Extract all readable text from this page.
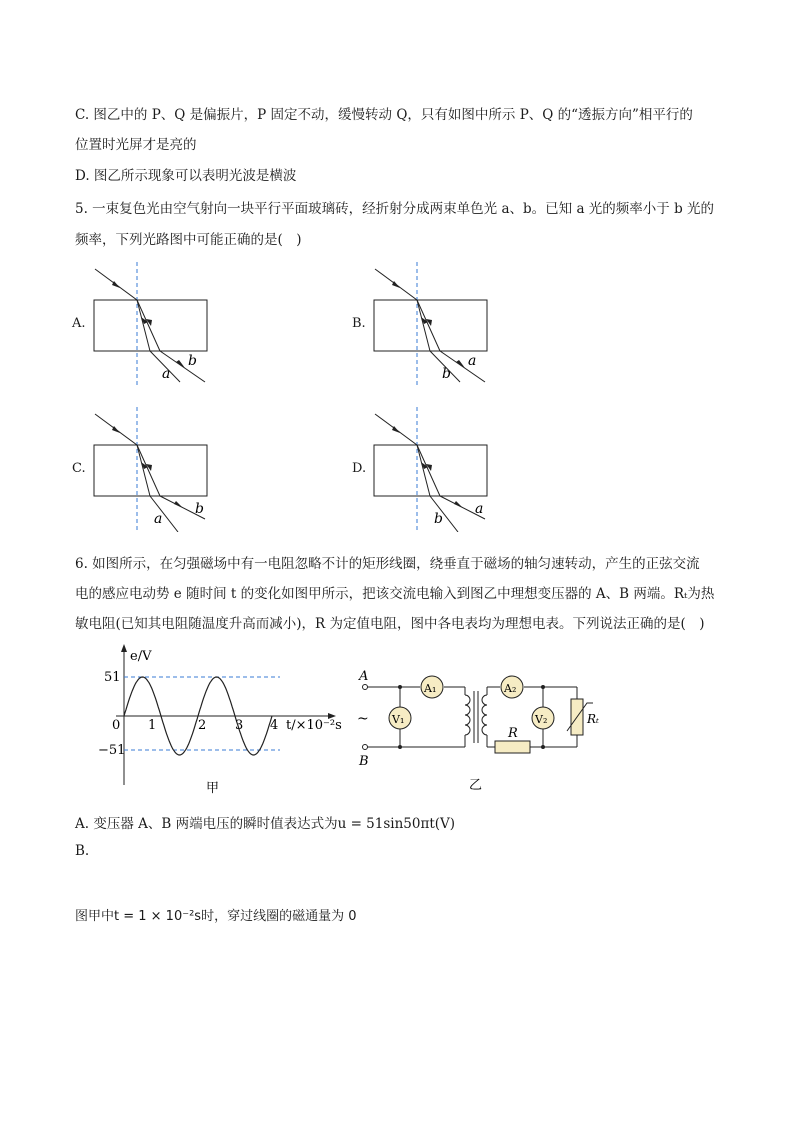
C. 图乙中的 P、Q 是偏振片，P 固定不动，缓慢转动 Q，只有如图中所示 P、Q 的“透振方向”相平行的
位置时光屏才是亮的
D. 图乙所示现象可以表明光波是横波
5. 一束复色光由空气射向一块平行平面玻璃砖，经折射分成两束单色光 a、b。已知 a 光的频率小于 b 光的
频率，下列光路图中可能正确的是(　)
A.
a
b
B.
b
a
C.
a
b
D.
b
a
6. 如图所示，在匀强磁场中有一电阻忽略不计的矩形线圈，绕垂直于磁场的轴匀速转动，产生的正弦交流
电的感应电动势 e 随时间 t 的变化如图甲所示，把该交流电输入到图乙中理想变压器的 A、B 两端。Rₜ为热
敏电阻(已知其电阻随温度升高而减小)，R 为定值电阻，图中各电表均为理想电表。下列说法正确的是(　)
e/V
51
−51
0 1	2 3 4 t/×10⁻²s
甲
A
B
~
A₁
V₁
A₂
V₂
R
Rₜ
乙
A. 变压器 A、B 两端电压的瞬时值表达式为u = 51sin50πt(V)
B.
图甲中t = 1 × 10⁻²s时，穿过线圈的磁通量为 0
